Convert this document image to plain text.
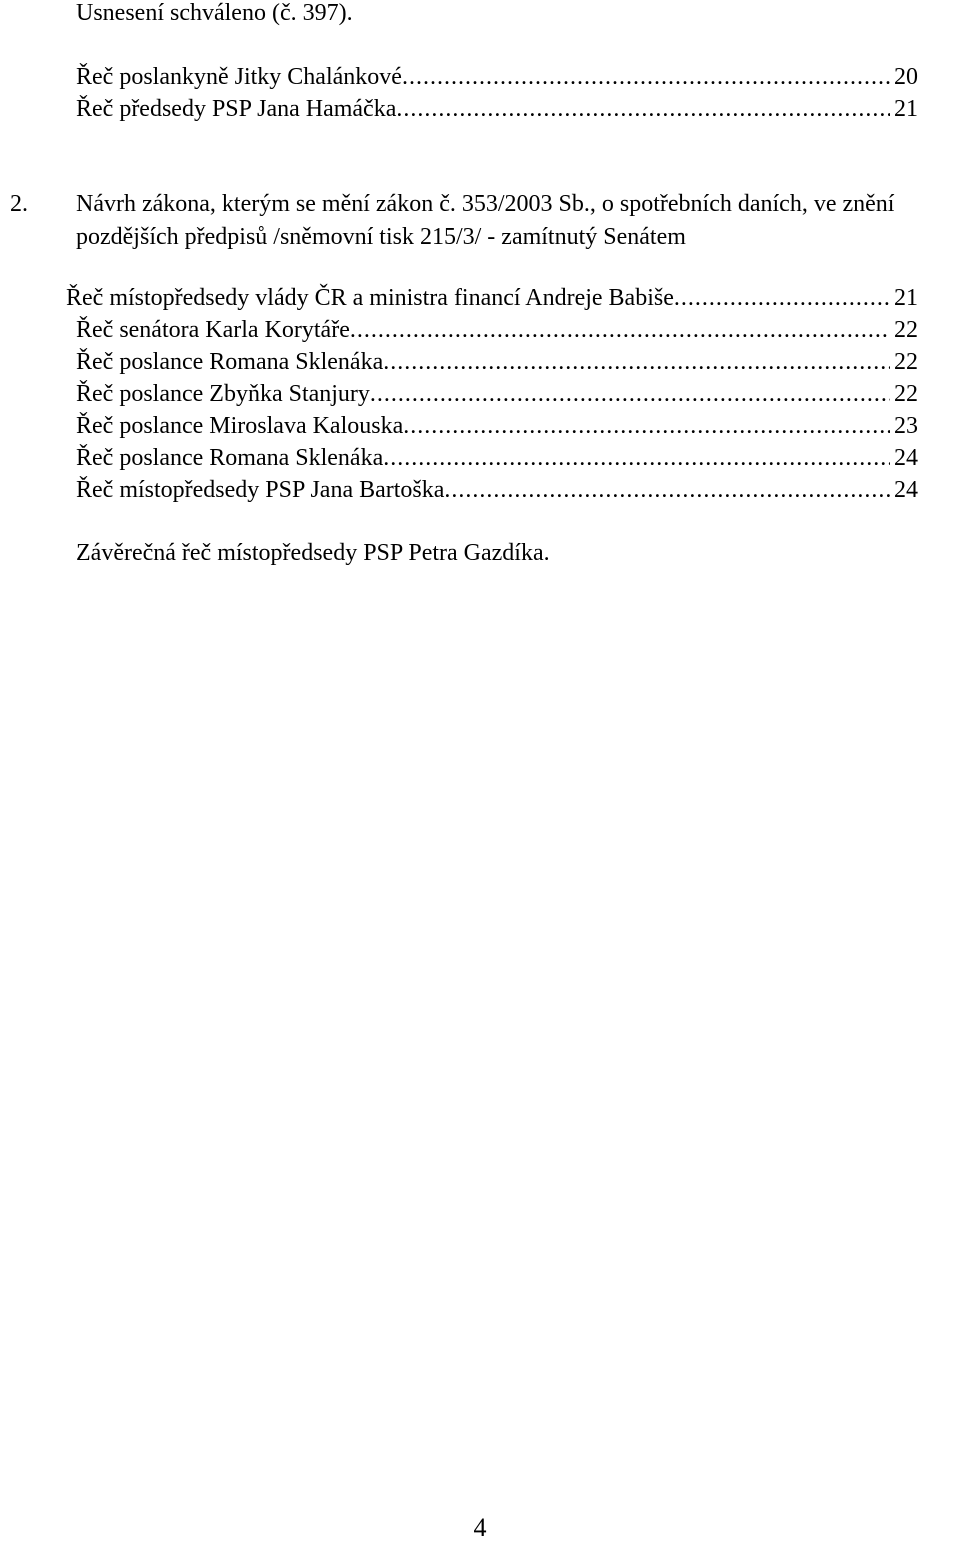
Usnesení schváleno (č. 397).
Řeč poslankyně Jitky Chalánkové .....	20
Řeč předsedy PSP Jana Hamáčka .....	21
2. Návrh zákona, kterým se mění zákon č. 353/2003 Sb., o spotřebních daních, ve znění pozdějších předpisů /sněmovní tisk 215/3/ - zamítnutý Senátem
Řeč místopředsedy vlády ČR a ministra financí Andreje Babiše .....	21
Řeč senátora Karla Korytáře .....	22
Řeč poslance Romana Sklenáka .....	22
Řeč poslance Zbyňka Stanjury .....	22
Řeč poslance Miroslava Kalouska .....	23
Řeč poslance Romana Sklenáka .....	24
Řeč místopředsedy PSP Jana Bartoška .....	24
Závěrečná řeč místopředsedy PSP Petra Gazdíka.
4
